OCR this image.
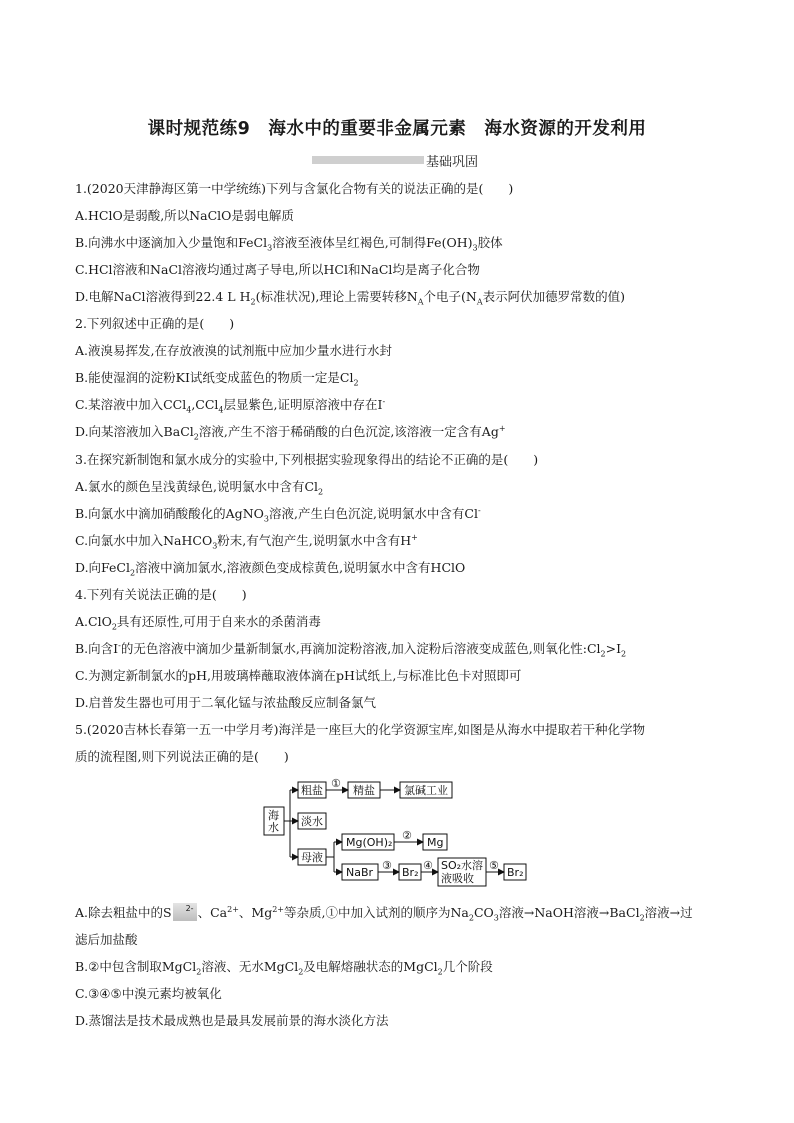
课时规范练9　海水中的重要非金属元素　海水资源的开发利用
基础巩固
1.(2020天津静海区第一中学统练)下列与含氯化合物有关的说法正确的是(　　)
A.HClO是弱酸,所以NaClO是弱电解质
B.向沸水中逐滴加入少量饱和FeCl$_3$溶液至液体呈红褐色,可制得$Fe(OH)_3$胶体
C.HCl溶液和NaCl溶液均通过离子导电,所以HCl和NaCl均是离子化合物
D.电解NaCl溶液得到22.4 L $H_2$(标准状况),理论上需要转移$N_A$个电子($N_A$表示阿伏加德罗常数的值)
2.下列叙述中正确的是(　　)
A.液溴易挥发,在存放液溴的试剂瓶中应加少量水进行水封
B.能使湿润的淀粉KI试纸变成蓝色的物质一定是$Cl_2$
C.某溶液中加入CCl$_4$,CCl$_4$层显紫色,证明原溶液中存在I-
D.向某溶液加入BaCl$_2$溶液,产生不溶于稀硝酸的白色沉淀,该溶液一定含有Ag+
3.在探究新制饱和氯水成分的实验中,下列根据实验现象得出的结论不正确的是(　　)
A.氯水的颜色呈浅黄绿色,说明氯水中含有$Cl_2$
B.向氯水中滴加硝酸酸化的AgNO$_3$溶液,产生白色沉淀,说明氯水中含有Cl-
C.向氯水中加入NaHCO$_3$粉末,有气泡产生,说明氯水中含有H+
D.向FeCl$_2$溶液中滴加氯水,溶液颜色变成棕黄色,说明氯水中含有HClO
4.下列有关说法正确的是(　　)
A.ClO$_2$具有还原性,可用于自来水的杀菌消毒
B.向含I-的无色溶液中滴加少量新制氯水,再滴加淀粉溶液,加入淀粉后溶液变成蓝色,则氧化性$:Cl_2>I_2$
C.为测定新制氯水的pH,用玻璃棒蘸取液体滴在pH试纸上,与标准比色卡对照即可
D.启普发生器也可用于二氧化锰与浓盐酸反应制备氯气
5.(2020吉林长春第一五一中学月考)海洋是一座巨大的化学资源宝库,如图是从海水中提取若干种化学物
质的流程图,则下列说法正确的是(　　)
海
水
粗盐	精盐	氯碱工业
淡水
母液
Mg(OH)₂	Mg
NaBr	Br₂
SO₂水溶
液吸收	Br₂
①
②
③	④	⑤
A.除去粗盐中的S 2- 、$Ca^{2+}$、$Mg^{2+}$等杂质,①中加入试剂的顺序为$Na_2CO_3$溶液→NaOH溶液→BaCl$_2$溶液→过
滤后加盐酸
B.②中包含制取MgCl$_2$溶液、无水MgCl$_2$及电解熔融状态的MgCl$_2$几个阶段
C.③④⑤中溴元素均被氧化
D.蒸馏法是技术最成熟也是最具发展前景的海水淡化方法
